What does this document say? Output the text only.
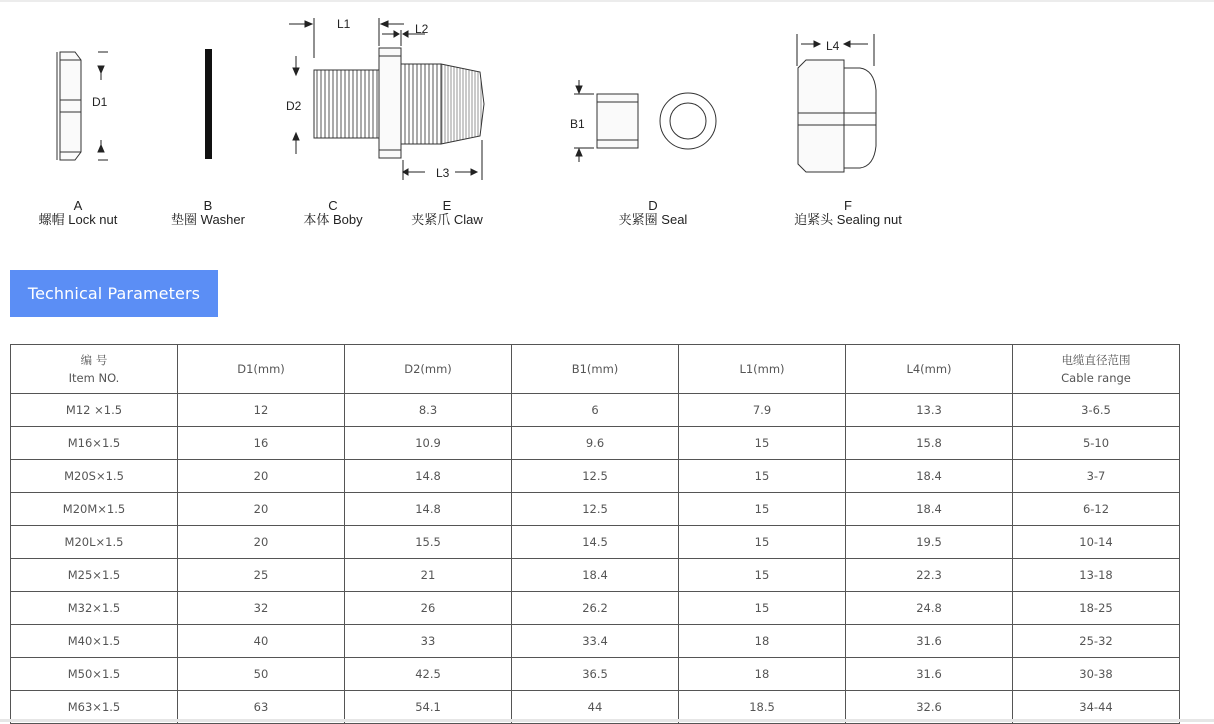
D1
L1	L2
D2
L3
B1
L4
A
螺帽 Lock nut
B
垫圈 Washer
C
本体 Boby
E
夹紧爪 Claw
D
夹紧圈 Seal
F
迫紧头 Sealing nut
Technical Parameters
编 号
Item NO.	D1(mm)	D2(mm)	B1(mm)	L1(mm)	L4(mm)	电缆直径范围
Cable range
M12 ×1.5	12	8.3	6	7.9	13.3	3-6.5
M16×1.5	16	10.9	9.6	15	15.8	5-10
M20S×1.5	20	14.8	12.5	15	18.4	3-7
M20M×1.5	20	14.8	12.5	15	18.4	6-12
M20L×1.5	20	15.5	14.5	15	19.5	10-14
M25×1.5	25	21	18.4	15	22.3	13-18
M32×1.5	32	26	26.2	15	24.8	18-25
M40×1.5	40	33	33.4	18	31.6	25-32
M50×1.5	50	42.5	36.5	18	31.6	30-38
M63×1.5	63	54.1	44	18.5	32.6	34-44
